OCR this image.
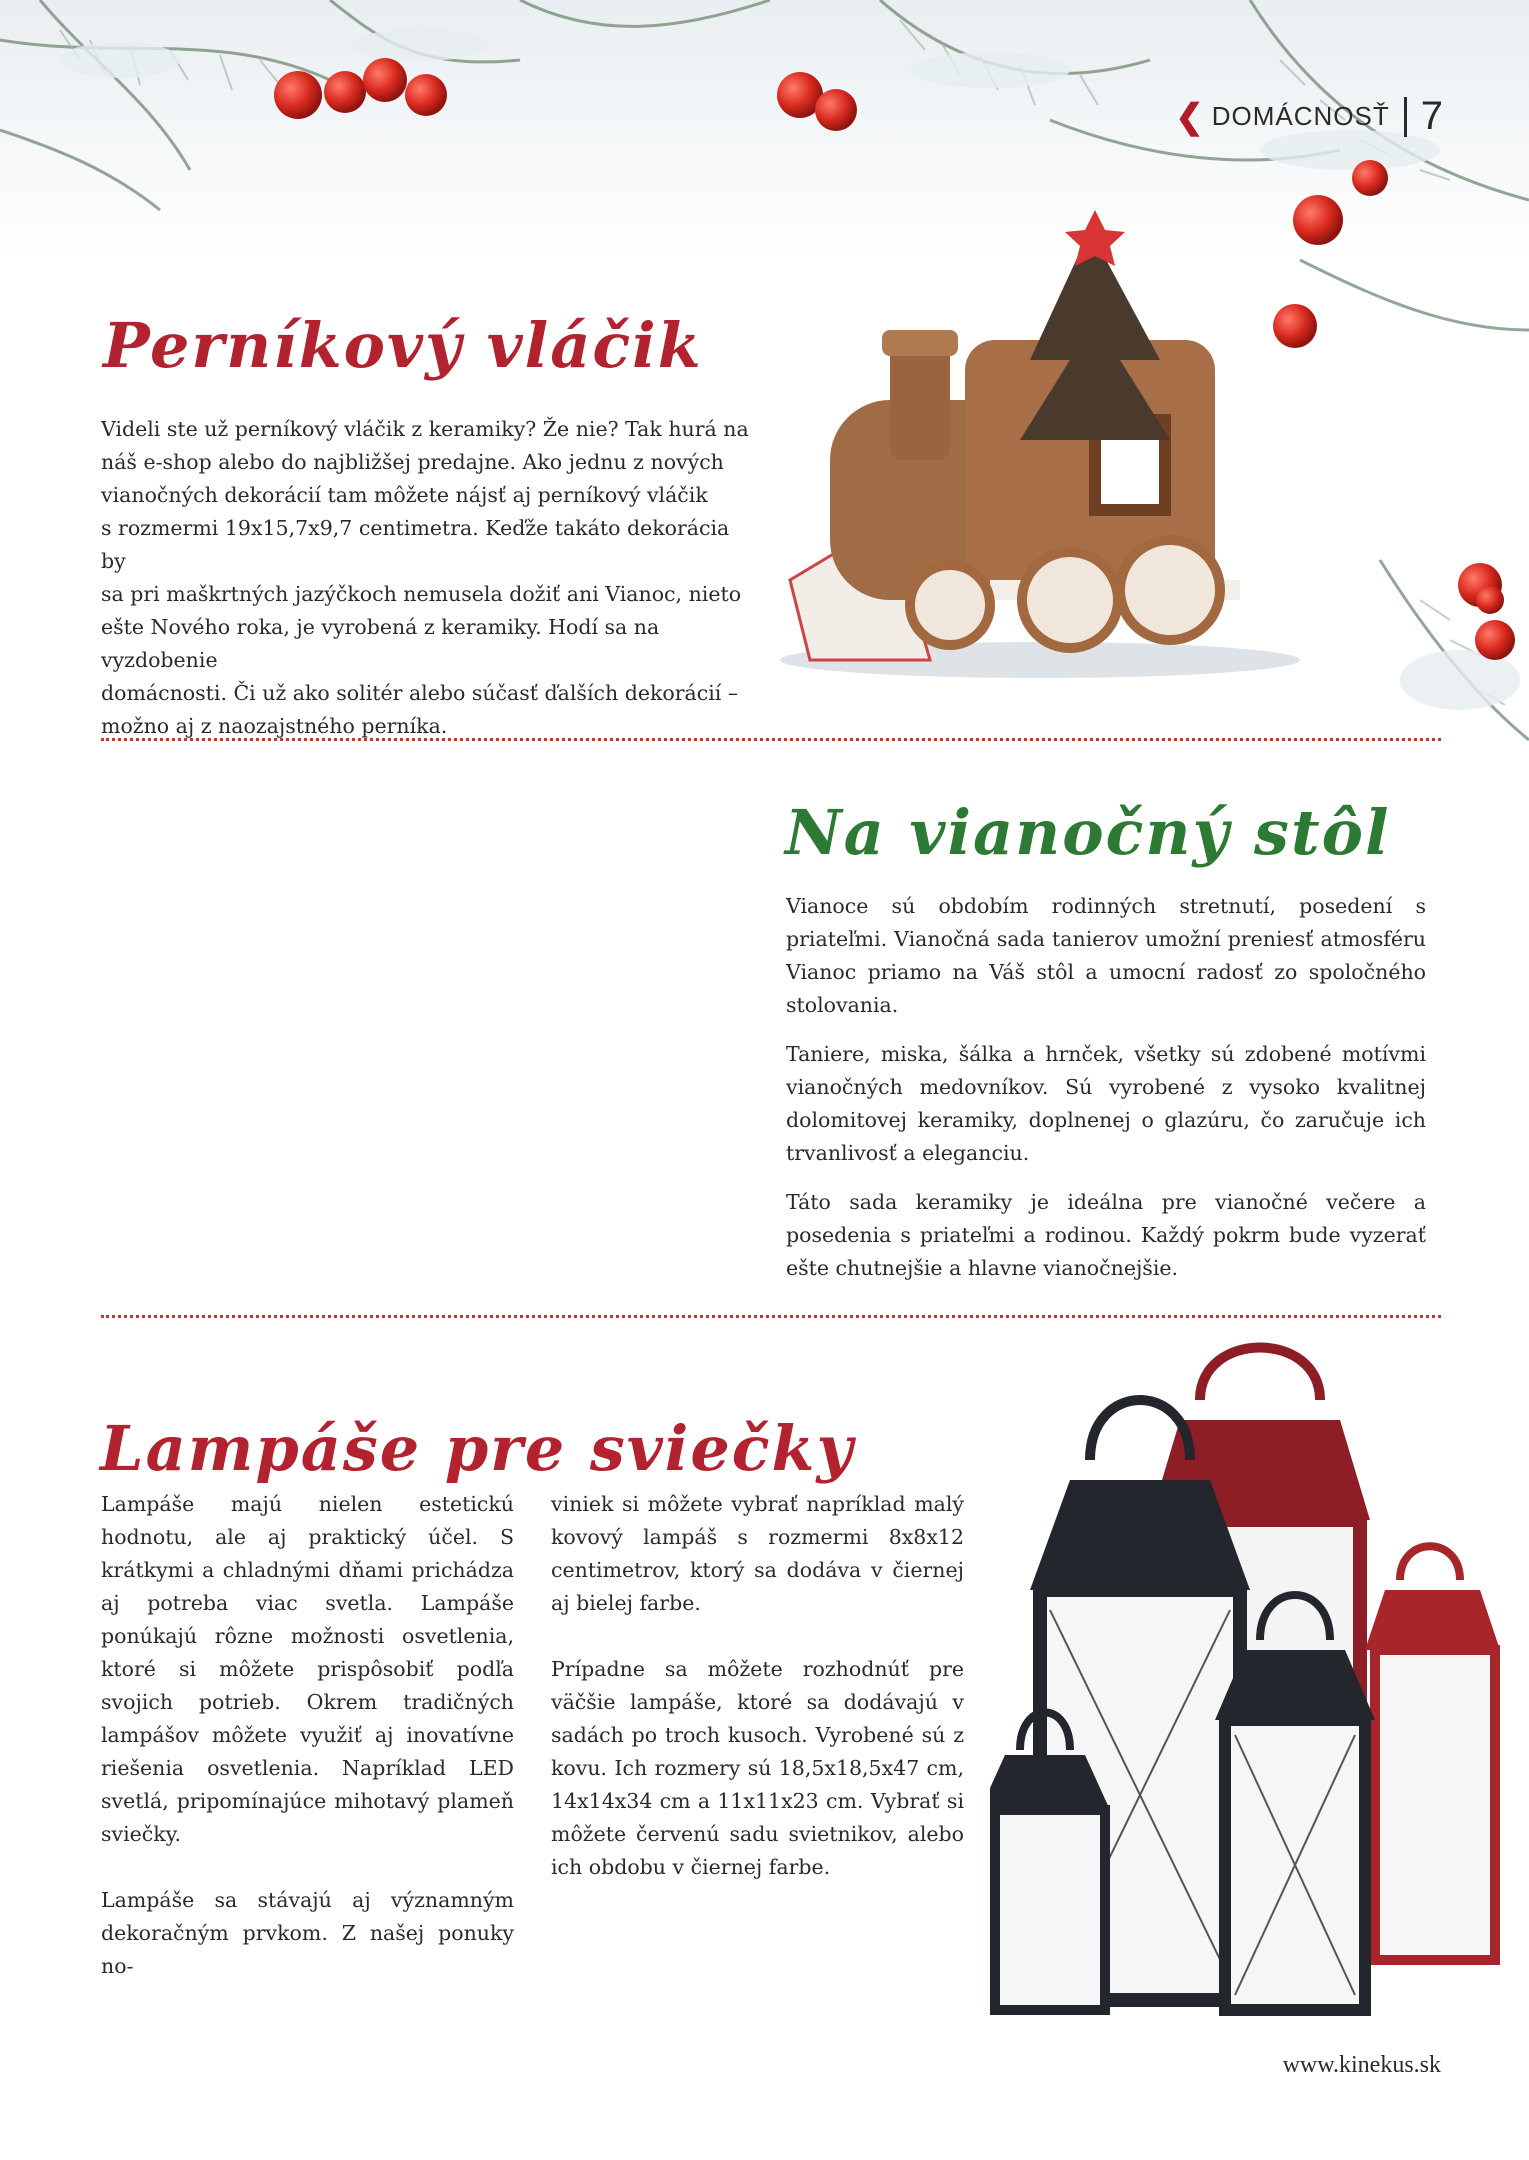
❮ DOMÁCNOSŤ 7
Perníkový vláčik

Videli ste už perníkový vláčik z keramiky? Že nie? Tak hurá na

náš e-shop alebo do najbližšej predajne. Ako jednu z nových

vianočných dekorácií tam môžete nájsť aj perníkový vláčik

s rozmermi 19x15,7x9,7 centimetra. Keďže takáto dekorácia by

sa pri maškrtných jazýčkoch nemusela dožiť ani Vianoc, nieto

ešte Nového roka, je vyrobená z keramiky. Hodí sa na vyzdobenie

domácnosti. Či už ako solitér alebo súčasť ďalších dekorácií –

možno aj z naozajstného perníka.

Na vianočný stôl

Vianoce sú obdobím rodinných stretnutí, posedení s priateľmi. Vianočná sada tanierov umožní preniesť atmosféru Vianoc priamo na Váš stôl a umocní radosť zo spoločného stolovania.

Taniere, miska, šálka a hrnček, všetky sú zdobené motívmi vianočných medovníkov. Sú vyrobené z vysoko kvalitnej dolomitovej keramiky, doplnenej o glazúru, čo zaručuje ich trvanlivosť a eleganciu.

Táto sada keramiky je ideálna pre vianočné večere a posedenia s priateľmi a rodinou. Každý pokrm bude vyzerať ešte chutnejšie a hlavne vianočnejšie.

Lampáše pre sviečky

Lampáše majú nielen estetickú hodnotu, ale aj praktický účel. S krátkymi a chladnými dňami prichádza aj potreba viac svetla. Lampáše ponúkajú rôzne možnosti osvetlenia, ktoré si môžete prispôsobiť podľa svojich potrieb. Okrem tradičných lampášov môžete využiť aj inovatívne riešenia osvetlenia. Napríklad LED svetlá, pripomínajúce mihotavý plameň sviečky.

Lampáše sa stávajú aj významným dekoračným prvkom. Z našej ponuky no-

viniek si môžete vybrať napríklad malý kovový lampáš s rozmermi 8x8x12 centimetrov, ktorý sa dodáva v čiernej aj bielej farbe.

Prípadne sa môžete rozhodnúť pre väčšie lampáše, ktoré sa dodávajú v sadách po troch kusoch. Vyrobené sú z kovu. Ich rozmery sú 18,5x18,5x47 cm, 14x14x34 cm a 11x11x23 cm. Vybrať si môžete červenú sadu svietnikov, alebo ich obdobu v čiernej farbe.

www.kinekus.sk
